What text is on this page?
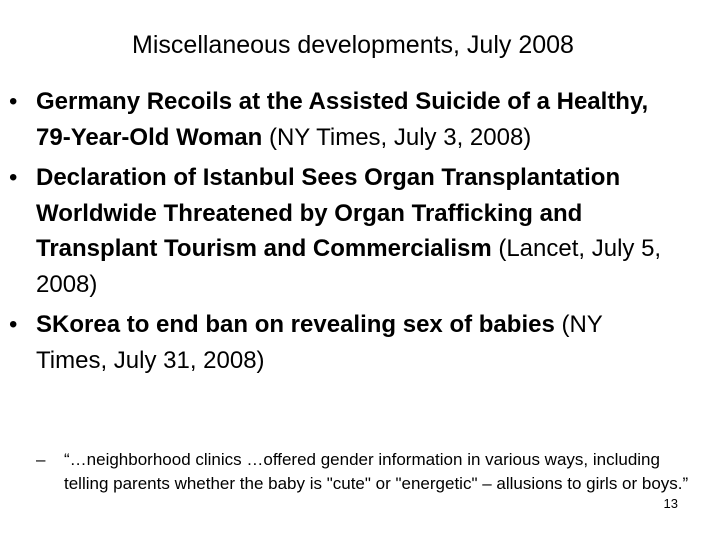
Miscellaneous developments, July 2008
• Germany Recoils at the Assisted Suicide of a Healthy, 79-Year-Old Woman (NY Times, July 3, 2008)
• Declaration of Istanbul Sees Organ Transplantation Worldwide Threatened by Organ Trafficking and Transplant Tourism and Commercialism (Lancet, July 5, 2008)
• SKorea to end ban on revealing sex of babies (NY Times, July 31, 2008)
– “…neighborhood clinics …offered gender information in various ways, including telling parents whether the baby is "cute" or "energetic" – allusions to girls or boys.”
13
